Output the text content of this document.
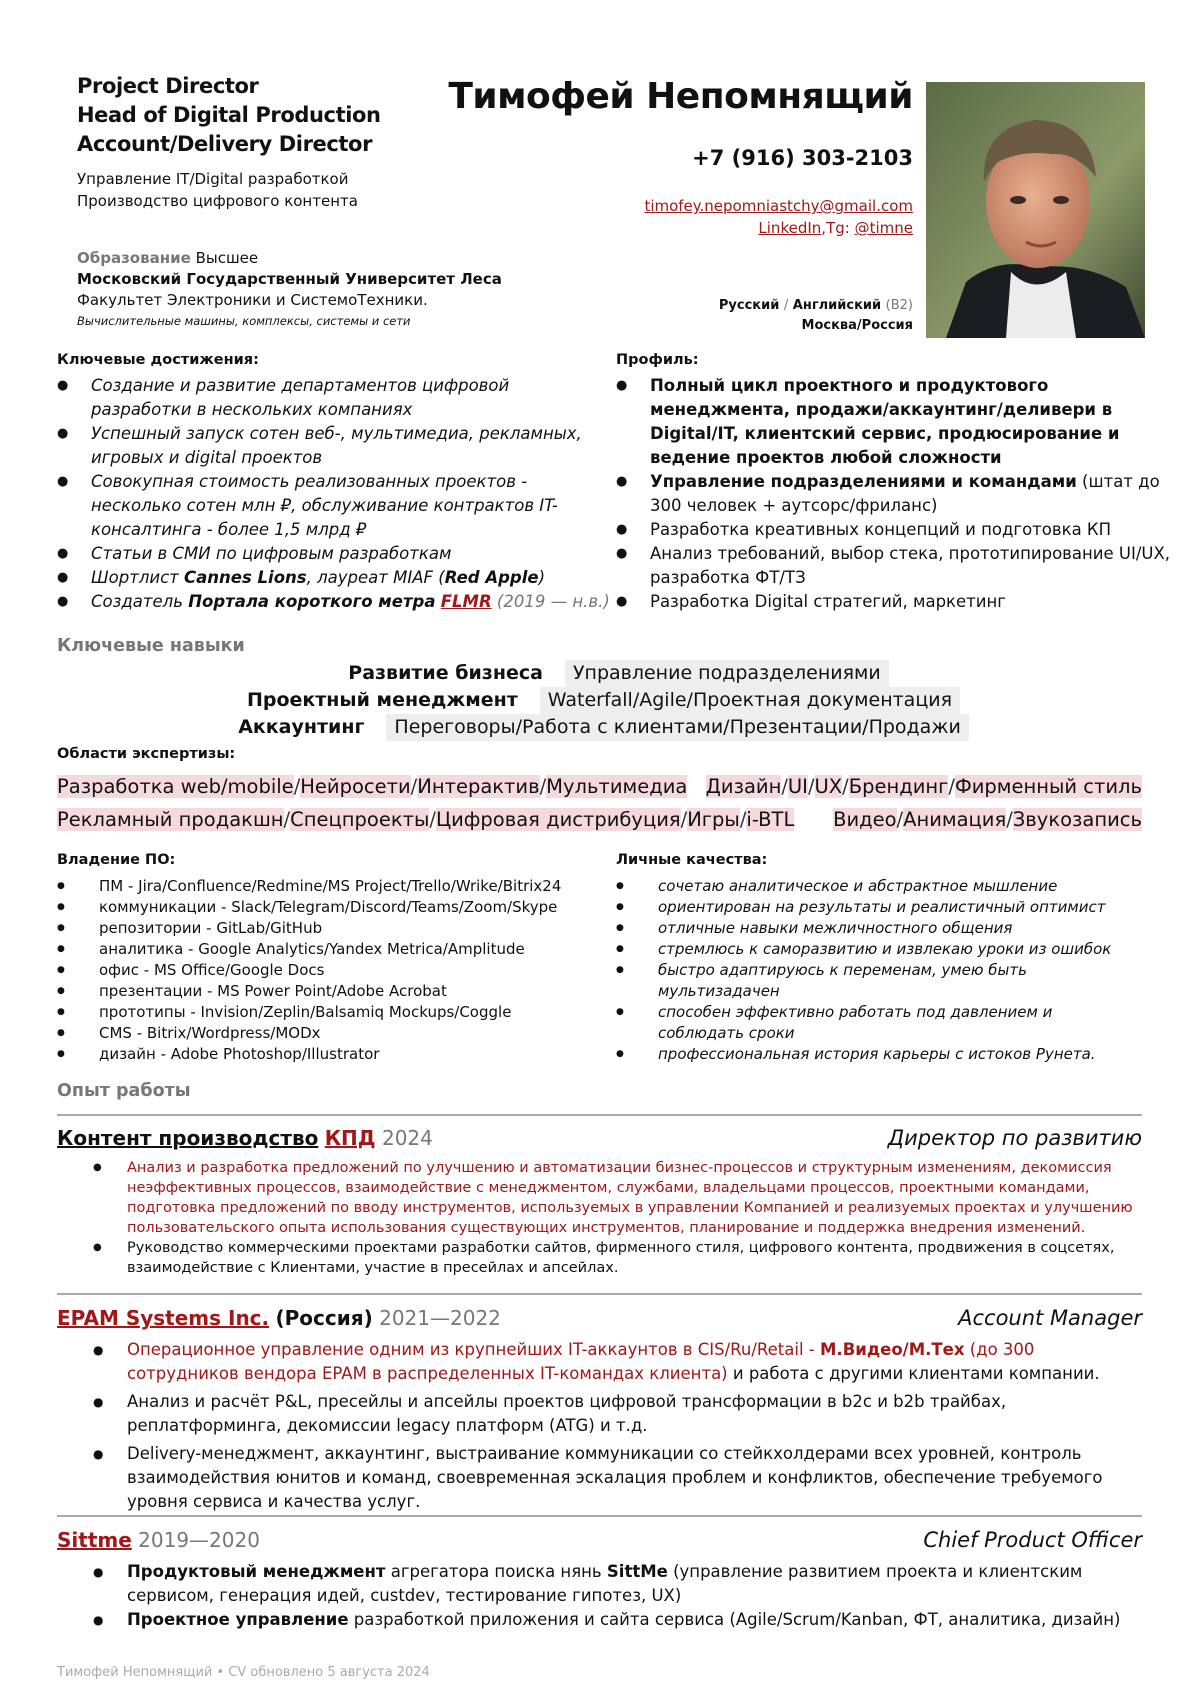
Project Director
Head of Digital Production
Account/Delivery Director
Управление IT/Digital разработкой
Производство цифрового контента
Образование Высшее
Московский Государственный Университет Леса
Факультет Электроники и СистемоТехники.
Вычислительные машины, комплексы, системы и сети
Тимофей Непомнящий
+7 (916) 303-2103
timofey.nepomniastchy@gmail.com
LinkedIn,Tg: @timne
Русский / Английский (B2)
Москва/Россия
Ключевые достижения:
● Создание и развитие департаментов цифровой разработки в нескольких компаниях
● Успешный запуск сотен веб-, мультимедиа, рекламных, игровых и digital проектов
● Совокупная стоимость реализованных проектов - несколько сотен млн ₽, обслуживание контрактов IT-консалтинга - более 1,5 млрд ₽
● Статьи в СМИ по цифровым разработкам
● Шортлист Cannes Lions, лауреат MIAF (Red Apple)
● Создатель Портала короткого метра FLMR (2019 — н.в.)
Профиль:
● Полный цикл проектного и продуктового менеджмента, продажи/аккаунтинг/деливери в Digital/IT, клиентский сервис, продюсирование и ведение проектов любой сложности
● Управление подразделениями и командами (штат до 300 человек + аутсорс/фриланс)
● Разработка креативных концепций и подготовка КП
● Анализ требований, выбор стека, прототипирование UI/UX, разработка ФТ/ТЗ
● Разработка Digital стратегий, маркетинг
Ключевые навыки
Развитие бизнеса	Управление подразделениями
Проектный менеджмент	Waterfall/Agile/Проектная документация
Аккаунтинг	Переговоры/Работа с клиентами/Презентации/Продажи
Области экспертизы:
Разработка web/mobile/Нейросети/Интерактив/Мультимедиа Дизайн/UI/UX/Брендинг/Фирменный стиль
Рекламный продакшн/Спецпроекты/Цифровая дистрибуция/Игры/i-BTL Видео/Анимация/Звукозапись
Владение ПО:
● ПМ - Jira/Confluence/Redmine/MS Project/Trello/Wrike/Bitrix24
● коммуникации - Slack/Telegram/Discord/Teams/Zoom/Skype
● репозитории - GitLab/GitHub
● аналитика - Google Analytics/Yandex Metrica/Amplitude
● офис - MS Office/Google Docs
● презентации - MS Power Point/Adobe Acrobat
● прототипы - Invision/Zeplin/Balsamiq Mockups/Coggle
● CMS - Bitrix/Wordpress/MODx
● дизайн - Adobe Photoshop/Illustrator
Личные качества:
● сочетаю аналитическое и абстрактное мышление
● ориентирован на результаты и реалистичный оптимист
● отличные навыки межличностного общения
● стремлюсь к саморазвитию и извлекаю уроки из ошибок
● быстро адаптируюсь к переменам, умею быть мультизадачен
● способен эффективно работать под давлением и соблюдать сроки
● профессиональная история карьеры с истоков Рунета.
Опыт работы
Контент производство КПД 2024	Директор по развитию
● Анализ и разработка предложений по улучшению и автоматизации бизнес-процессов и структурным изменениям, декомиссия неэффективных процессов, взаимодействие с менеджментом, службами, владельцами процессов, проектными командами, подготовка предложений по вводу инструментов, используемых в управлении Компанией и реализуемых проектах и улучшению пользовательского опыта использования существующих инструментов, планирование и поддержка внедрения изменений.
● Руководство коммерческими проектами разработки сайтов, фирменного стиля, цифрового контента, продвижения в соцсетях, взаимодействие с Клиентами, участие в пресейлах и апсейлах.
EPAM Systems Inc. (Россия) 2021—2022	Account Manager
● Операционное управление одним из крупнейших IT-аккаунтов в CIS/Ru/Retail - М.Видео/М.Тех (до 300 сотрудников вендора EPAM в распределенных IT-командах клиента) и работа с другими клиентами компании.
● Анализ и расчёт P&L, пресейлы и апсейлы проектов цифровой трансформации в b2c и b2b трайбах, реплатформинга, декомиссии legacy платформ (ATG) и т.д.
● Delivery-менеджмент, аккаунтинг, выстраивание коммуникации со стейкхолдерами всех уровней, контроль взаимодействия юнитов и команд, своевременная эскалация проблем и конфликтов, обеспечение требуемого уровня сервиса и качества услуг.
Sittme 2019—2020	Chief Product Officer
● Продуктовый менеджмент агрегатора поиска нянь SittMe (управление развитием проекта и клиентским сервисом, генерация идей, custdev, тестирование гипотез, UX)
● Проектное управление разработкой приложения и сайта сервиса (Agile/Scrum/Kanban, ФТ, аналитика, дизайн)
Тимофей Непомнящий • CV обновлено 5 августа 2024
